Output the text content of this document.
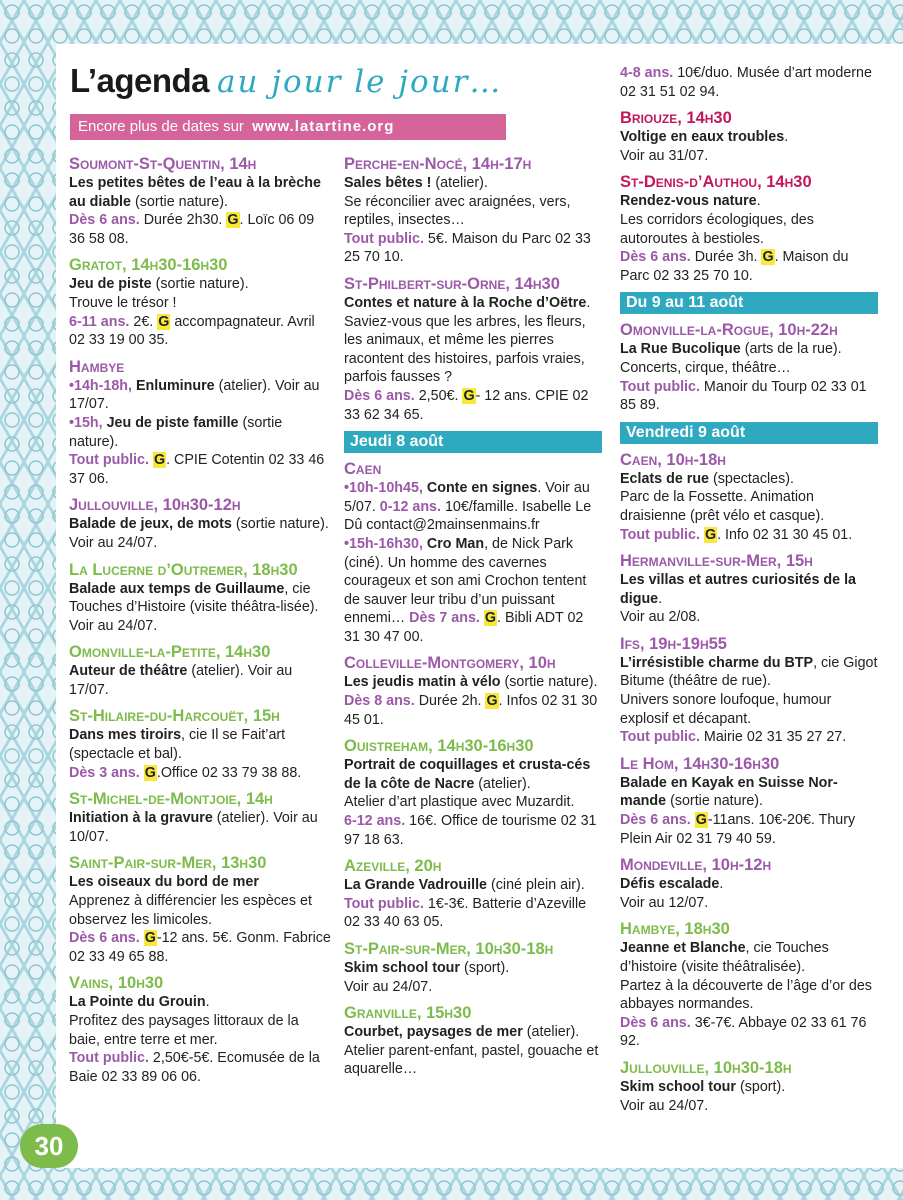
L’agenda au jour le jour…
Encore plus de dates sur www.latartine.org
Soumont-St-Quentin, 14h
Les petites bêtes de l’eau à la brèche au diable (sortie nature).
Dès 6 ans. Durée 2h30. G. Loïc 06 09 36 58 08.
Gratot, 14h30-16h30
Jeu de piste (sortie nature).
Trouve le trésor !
6-11 ans. 2€. G accompagnateur. Avril 02 33 19 00 35.
Hambye
•14h-18h, Enluminure (atelier). Voir au 17/07.
•15h, Jeu de piste famille (sortie nature).
Tout public. G. CPIE Cotentin 02 33 46 37 06.
Jullouville, 10h30-12h
Balade de jeux, de mots (sortie nature). Voir au 24/07.
La Lucerne d’Outremer, 18h30
Balade aux temps de Guillaume, cie Touches d’Histoire (visite théâtra-lisée). Voir au 24/07.
Omonville-la-Petite, 14h30
Auteur de théâtre (atelier). Voir au 17/07.
St-Hilaire-du-Harcouët, 15h
Dans mes tiroirs, cie Il se Fait’art (spectacle et bal).
Dès 3 ans. G.Office 02 33 79 38 88.
St-Michel-de-Montjoie, 14h
Initiation à la gravure (atelier). Voir au 10/07.
Saint-Pair-sur-Mer, 13h30
Les oiseaux du bord de mer
Apprenez à différencier les espèces et observez les limicoles.
Dès 6 ans. G-12 ans. 5€. Gonm. Fabrice 02 33 49 65 88.
Vains, 10h30
La Pointe du Grouin.
Profitez des paysages littoraux de la baie, entre terre et mer.
Tout public. 2,50€-5€. Ecomusée de la Baie 02 33 89 06 06.
Perche-en-Nocé, 14h-17h
Sales bêtes ! (atelier).
Se réconcilier avec araignées, vers, reptiles, insectes…
Tout public. 5€. Maison du Parc 02 33 25 70 10.
St-Philbert-sur-Orne, 14h30
Contes et nature à la Roche d’Oëtre.
Saviez-vous que les arbres, les fleurs, les animaux, et même les pierres racontent des histoires, parfois vraies, parfois fausses ?
Dès 6 ans. 2,50€. G- 12 ans. CPIE 02 33 62 34 65.
Jeudi 8 août
Caen
•10h-10h45, Conte en signes. Voir au 5/07. 0-12 ans. 10€/famille. Isabelle Le Dû contact@2mainsenmains.fr
•15h-16h30, Cro Man, de Nick Park (ciné). Un homme des cavernes courageux et son ami Crochon tentent de sauver leur tribu d’un puissant ennemi… Dès 7 ans. G. Bibli ADT 02 31 30 47 00.
Colleville-Montgomery, 10h
Les jeudis matin à vélo (sortie nature).
Dès 8 ans. Durée 2h. G. Infos 02 31 30 45 01.
Ouistreham, 14h30-16h30
Portrait de coquillages et crusta-cés de la côte de Nacre (atelier).
Atelier d’art plastique avec Muzardit.
6-12 ans. 16€. Office de tourisme 02 31 97 18 63.
Azeville, 20h
La Grande Vadrouille (ciné plein air).
Tout public. 1€-3€. Batterie d’Azeville 02 33 40 63 05.
St-Pair-sur-Mer, 10h30-18h
Skim school tour (sport).
Voir au 24/07.
Granville, 15h30
Courbet, paysages de mer (atelier).
Atelier parent-enfant, pastel, gouache et aquarelle…
4-8 ans. 10€/duo. Musée d’art moderne 02 31 51 02 94.
Briouze, 14h30
Voltige en eaux troubles.
Voir au 31/07.
St-Denis-d’Authou, 14h30
Rendez-vous nature.
Les corridors écologiques, des autoroutes à bestioles.
Dès 6 ans. Durée 3h. G. Maison du Parc 02 33 25 70 10.
Du 9 au 11 août
Omonville-la-Rogue, 10h-22h
La Rue Bucolique (arts de la rue).
Concerts, cirque, théâtre…
Tout public. Manoir du Tourp 02 33 01 85 89.
Vendredi 9 août
Caen, 10h-18h
Eclats de rue (spectacles).
Parc de la Fossette. Animation draisienne (prêt vélo et casque).
Tout public. G. Info 02 31 30 45 01.
Hermanville-sur-Mer, 15h
Les villas et autres curiosités de la digue.
Voir au 2/08.
Ifs, 19h-19h55
L’irrésistible charme du BTP, cie Gigot Bitume (théâtre de rue).
Univers sonore loufoque, humour explosif et décapant.
Tout public. Mairie 02 31 35 27 27.
Le Hom, 14h30-16h30
Balade en Kayak en Suisse Nor-mande (sortie nature).
Dès 6 ans. G-11ans. 10€-20€. Thury Plein Air 02 31 79 40 59.
Mondeville, 10h-12h
Défis escalade.
Voir au 12/07.
Hambye, 18h30
Jeanne et Blanche, cie Touches d’histoire (visite théâtralisée).
Partez à la découverte de l’âge d’or des abbayes normandes.
Dès 6 ans. 3€-7€. Abbaye 02 33 61 76 92.
Jullouville, 10h30-18h
Skim school tour (sport).
Voir au 24/07.
30
